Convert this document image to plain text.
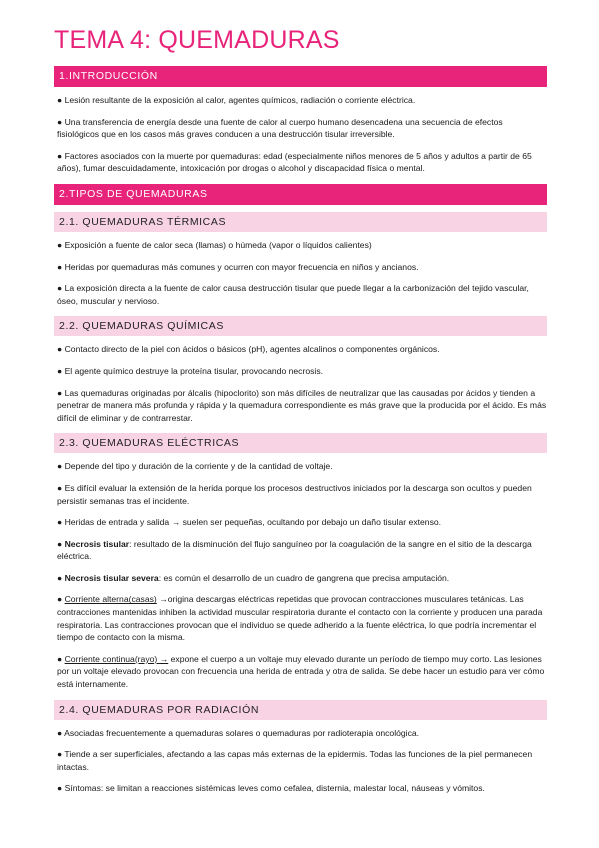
TEMA 4: QUEMADURAS
1.INTRODUCCIÓN

● Lesión resultante de la exposición al calor, agentes químicos, radiación o corriente eléctrica.

● Una transferencia de energía desde una fuente de calor al cuerpo humano desencadena una secuencia de efectos fisiológicos que en los casos más graves conducen a una destrucción tisular irreversible.

● Factores asociados con la muerte por quemaduras: edad (especialmente niños menores de 5 años y adultos a partir de 65 años), fumar descuidadamente, intoxicación por drogas o alcohol y discapacidad física o mental.

2.TIPOS DE QUEMADURAS
2.1. QUEMADURAS TÉRMICAS

● Exposición a fuente de calor seca (llamas) o húmeda (vapor o líquidos calientes)

● Heridas por quemaduras más comunes y ocurren con mayor frecuencia en niños y ancianos.

● La exposición directa a la fuente de calor causa destrucción tisular que puede llegar a la carbonización del tejido vascular, óseo, muscular y nervioso.

2.2. QUEMADURAS QUÍMICAS

● Contacto directo de la piel con ácidos o básicos (pH), agentes alcalinos o componentes orgánicos.

● El agente químico destruye la proteína tisular, provocando necrosis.

● Las quemaduras originadas por álcalis (hipoclorito) son más difíciles de neutralizar que las causadas por ácidos y tienden a penetrar de manera más profunda y rápida y la quemadura correspondiente es más grave que la producida por el ácido. Es más difícil de eliminar y de contrarrestar.

2.3. QUEMADURAS ELÉCTRICAS

● Depende del tipo y duración de la corriente y de la cantidad de voltaje.

● Es difícil evaluar la extensión de la herida porque los procesos destructivos iniciados por la descarga son ocultos y pueden persistir semanas tras el incidente.

● Heridas de entrada y salida → suelen ser pequeñas, ocultando por debajo un daño tisular extenso.

● Necrosis tisular: resultado de la disminución del flujo sanguíneo por la coagulación de la sangre en el sitio de la descarga eléctrica.

● Necrosis tisular severa: es común el desarrollo de un cuadro de gangrena que precisa amputación.

● Corriente alterna(casas) →origina descargas eléctricas repetidas que provocan contracciones musculares tetánicas. Las contracciones mantenidas inhiben la actividad muscular respiratoria durante el contacto con la corriente y producen una parada respiratoria. Las contracciones provocan que el individuo se quede adherido a la fuente eléctrica, lo que podría incrementar el tiempo de contacto con la misma.

● Corriente continua(rayo) → expone el cuerpo a un voltaje muy elevado durante un período de tiempo muy corto. Las lesiones por un voltaje elevado provocan con frecuencia una herida de entrada y otra de salida. Se debe hacer un estudio para ver cómo está internamente.

2.4. QUEMADURAS POR RADIACIÓN

● Asociadas frecuentemente a quemaduras solares o quemaduras por radioterapia oncológica.

● Tiende a ser superficiales, afectando a las capas más externas de la epidermis. Todas las funciones de la piel permanecen intactas.

● Síntomas: se limitan a reacciones sistémicas leves como cefalea, disternia, malestar local, náuseas y vómitos.
